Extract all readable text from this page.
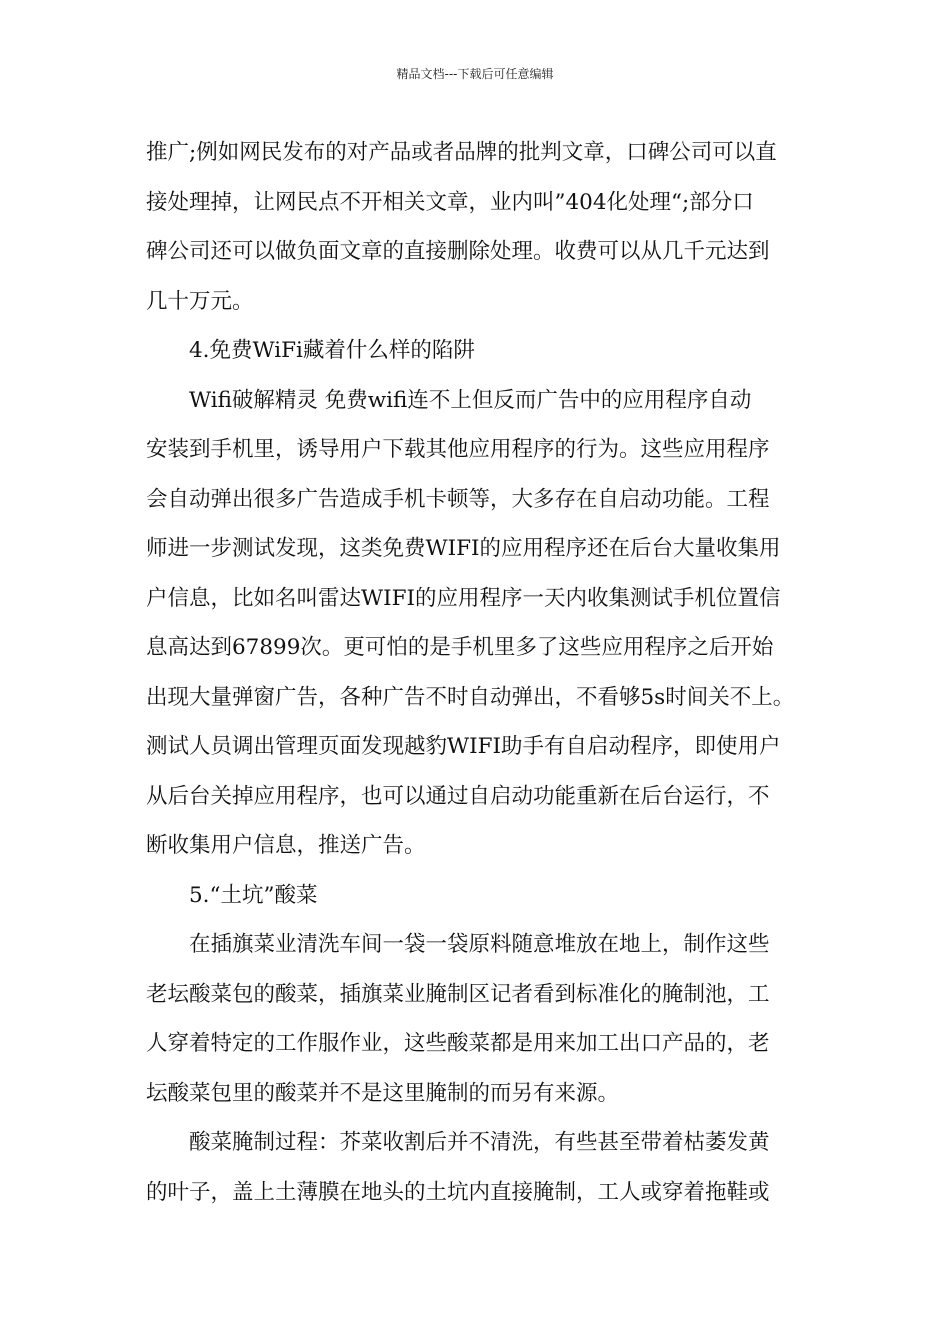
精品文档---下载后可任意编辑
推广;例如网民发布的对产品或者品牌的批判文章，口碑公司可以直
接处理掉，让网民点不开相关文章，业内叫”404化处理“;部分口
碑公司还可以做负面文章的直接删除处理。收费可以从几千元达到
几十万元。
4.免费WiFi藏着什么样的陷阱
Wifi破解精灵 免费wifi连不上但反而广告中的应用程序自动
安装到手机里，诱导用户下载其他应用程序的行为。这些应用程序
会自动弹出很多广告造成手机卡顿等，大多存在自启动功能。工程
师进一步测试发现，这类免费WIFI的应用程序还在后台大量收集用
户信息，比如名叫雷达WIFI的应用程序一天内收集测试手机位置信
息高达到67899次。更可怕的是手机里多了这些应用程序之后开始
出现大量弹窗广告，各种广告不时自动弹出，不看够5s时间关不上。
测试人员调出管理页面发现越豹WIFI助手有自启动程序，即使用户
从后台关掉应用程序，也可以通过自启动功能重新在后台运行，不
断收集用户信息，推送广告。
5.“土坑”酸菜
在插旗菜业清洗车间一袋一袋原料随意堆放在地上，制作这些
老坛酸菜包的酸菜，插旗菜业腌制区记者看到标准化的腌制池，工
人穿着特定的工作服作业，这些酸菜都是用来加工出口产品的，老
坛酸菜包里的酸菜并不是这里腌制的而另有来源。
酸菜腌制过程：芥菜收割后并不清洗，有些甚至带着枯萎发黄
的叶子，盖上土薄膜在地头的土坑内直接腌制，工人或穿着拖鞋或
